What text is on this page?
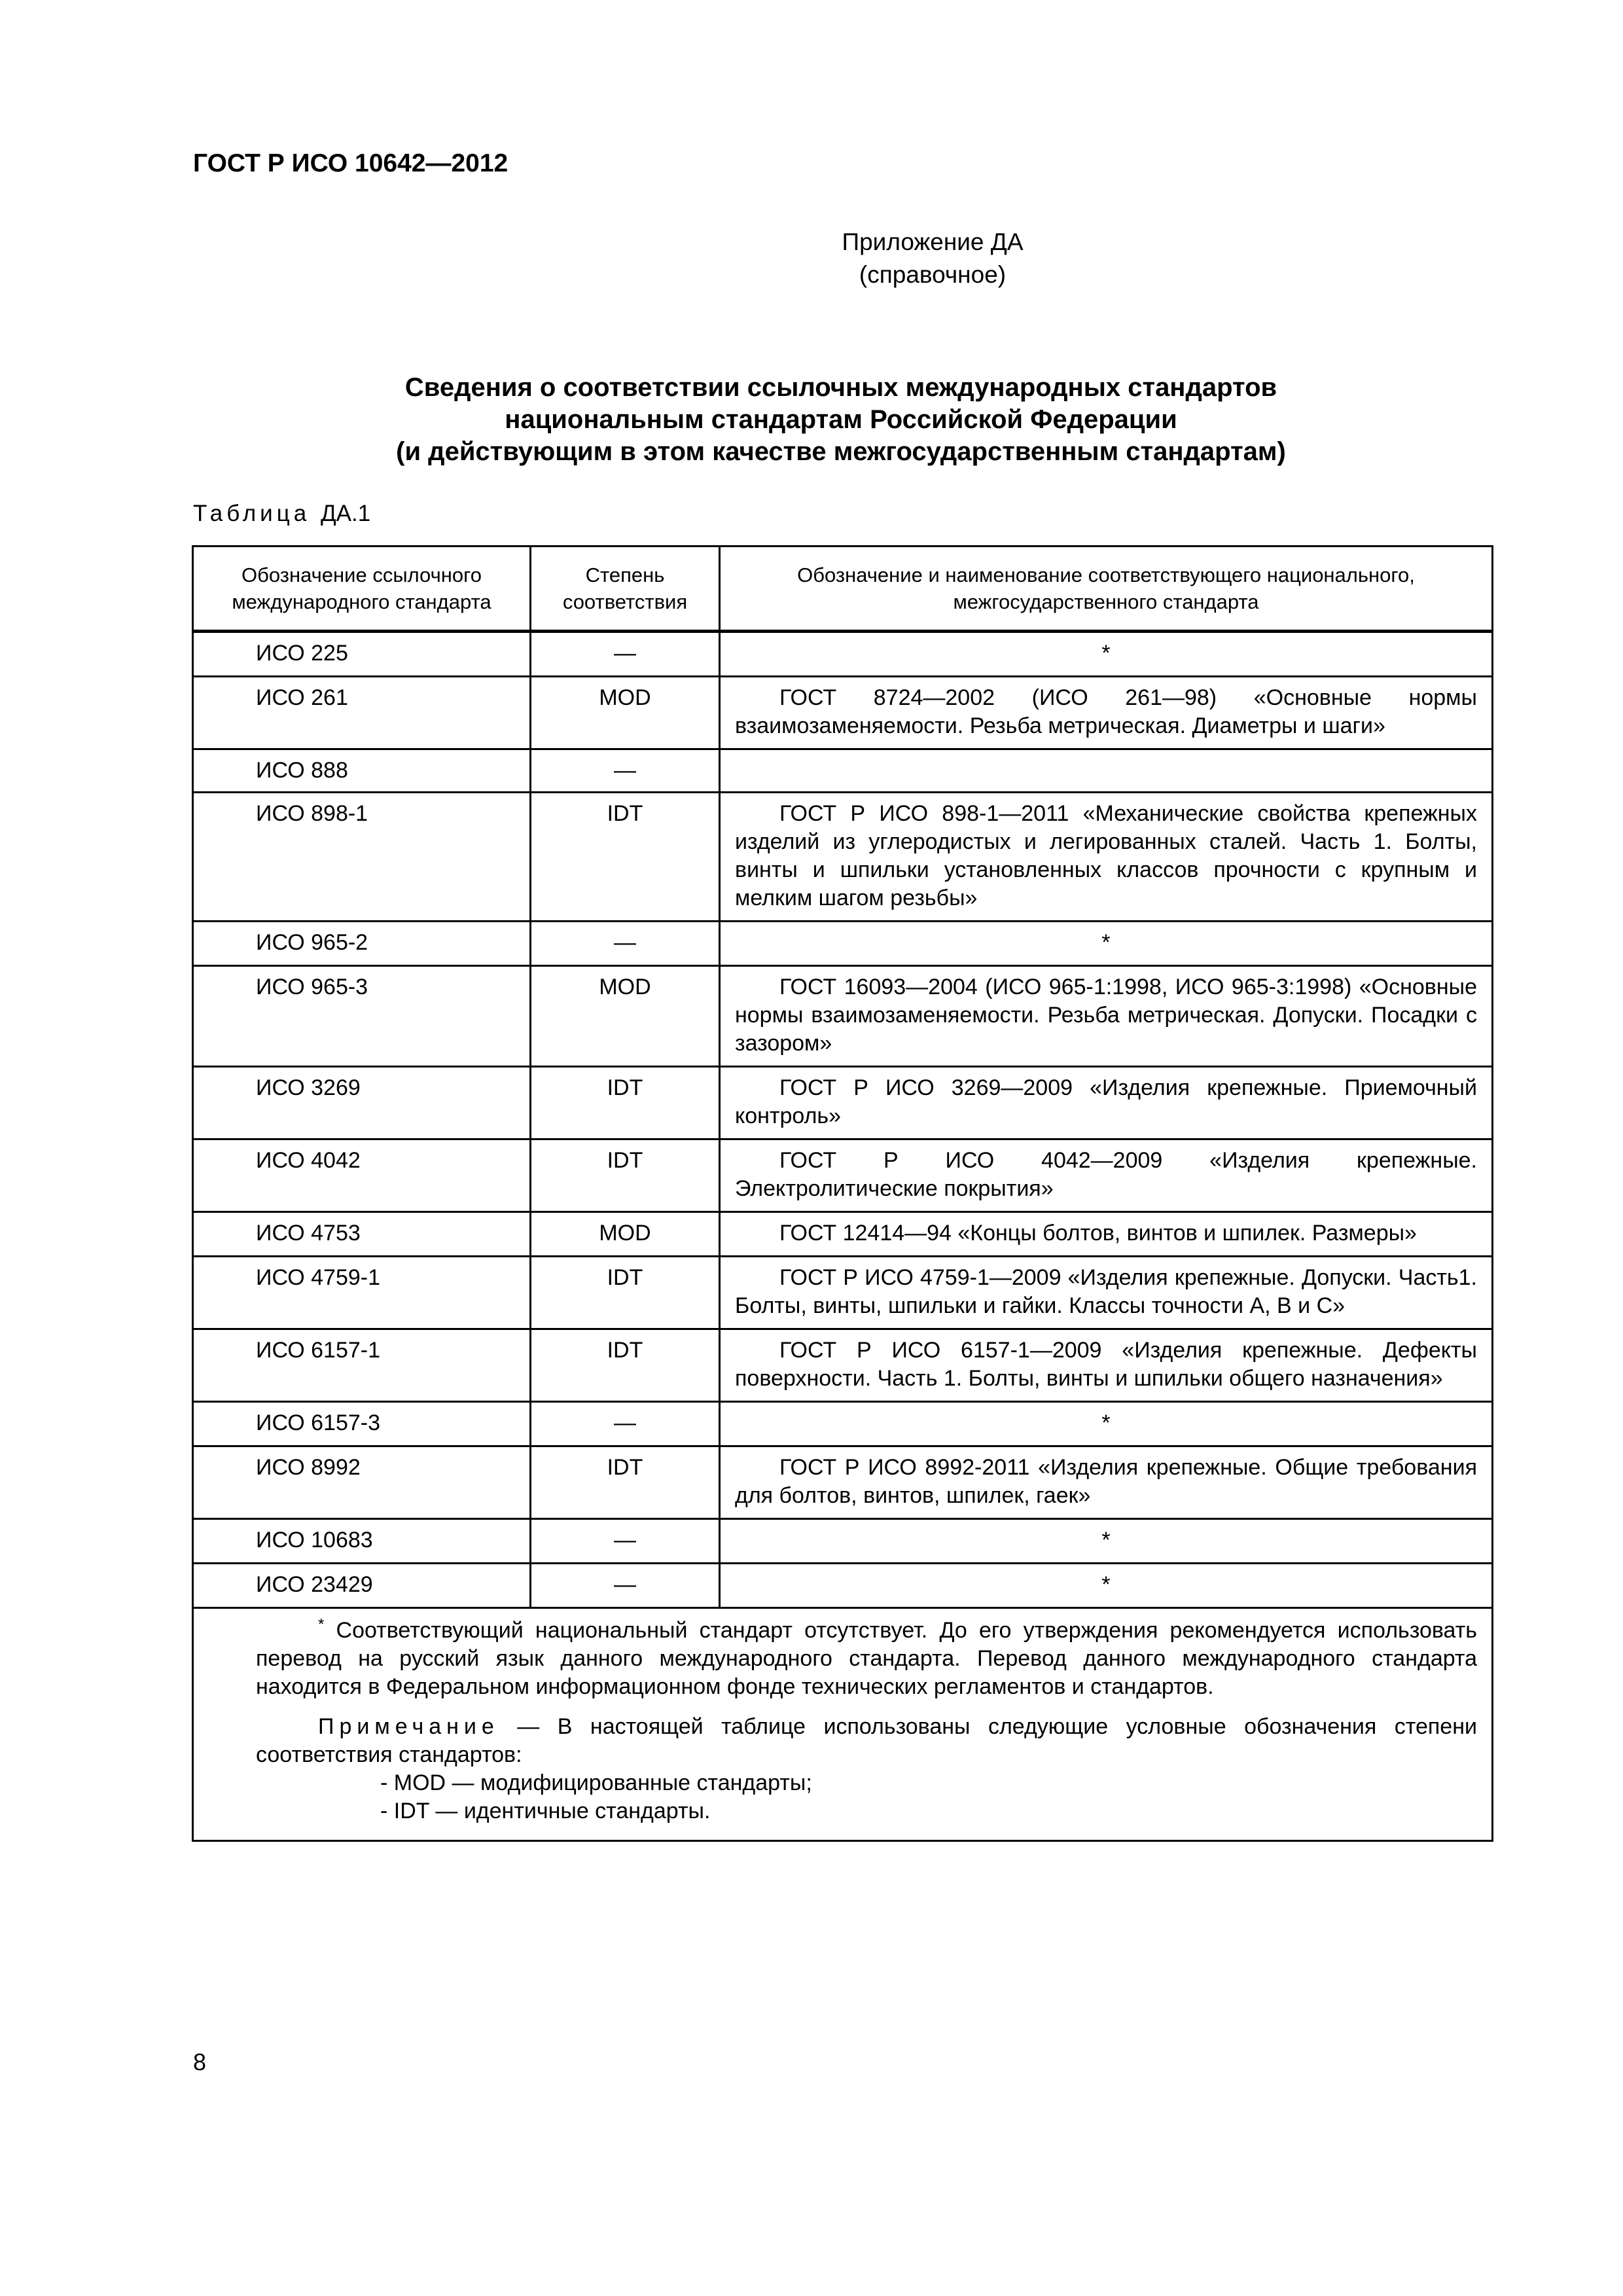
ГОСТ Р ИСО 10642—2012
Приложение ДА
(справочное)
Сведения о соответствии ссылочных международных стандартов
национальным стандартам Российской Федерации
(и действующим в этом качестве межгосударственным стандартам)
Таблица ДА.1
Обозначение ссылочного международного стандарта	Степень соответствия	Обозначение и наименование соответствующего национального, межгосударственного стандарта
ИСО 225	—	*
ИСО 261	MOD	ГОСТ 8724—2002 (ИСО 261—98) «Основные нормы взаимозаменяемости. Резьба метрическая. Диаметры и шаги»

ИСО 888	—	

ИСО 898-1	IDT	ГОСТ Р ИСО 898-1—2011 «Механические свойства крепежных изделий из углеродистых и легированных сталей. Часть 1. Болты, винты и шпильки установленных классов прочности с крупным и мелким шагом резьбы»

ИСО 965-2	—	*
ИСО 965-3	MOD	ГОСТ 16093—2004 (ИСО 965-1:1998, ИСО 965-3:1998) «Основные нормы взаимозаменяемости. Резьба метрическая. Допуски. Посадки с зазором»

ИСО 3269	IDT	ГОСТ Р ИСО 3269—2009 «Изделия крепежные. Приемочный контроль»

ИСО 4042	IDT	ГОСТ Р ИСО 4042—2009 «Изделия крепежные. Электролитические покрытия»

ИСО 4753	MOD	ГОСТ 12414—94 «Концы болтов, винтов и шпилек. Размеры»

ИСО 4759-1	IDT	ГОСТ Р ИСО 4759-1—2009 «Изделия крепежные. Допуски. Часть1. Болты, винты, шпильки и гайки. Классы точности А, В и С»

ИСО 6157-1	IDT	ГОСТ Р ИСО 6157-1—2009 «Изделия крепежные. Дефекты поверхности. Часть 1. Болты, винты и шпильки общего назначения»

ИСО 6157-3	—	*
ИСО 8992	IDT	ГОСТ Р ИСО 8992-2011 «Изделия крепежные. Общие требования для болтов, винтов, шпилек, гаек»

ИСО 10683	—	*
ИСО 23429	—	*

* Соответствующий национальный стандарт отсутствует. До его утверждения рекомендуется использовать перевод на русский язык данного международного стандарта. Перевод данного международного стандарта находится в Федеральном информационном фонде технических регламентов и стандартов.

Примечание — В настоящей таблице использованы следующие условные обозначения степени соответствия стандартов:

- MOD — модифицированные стандарты;

- IDT — идентичные стандарты.		

8
